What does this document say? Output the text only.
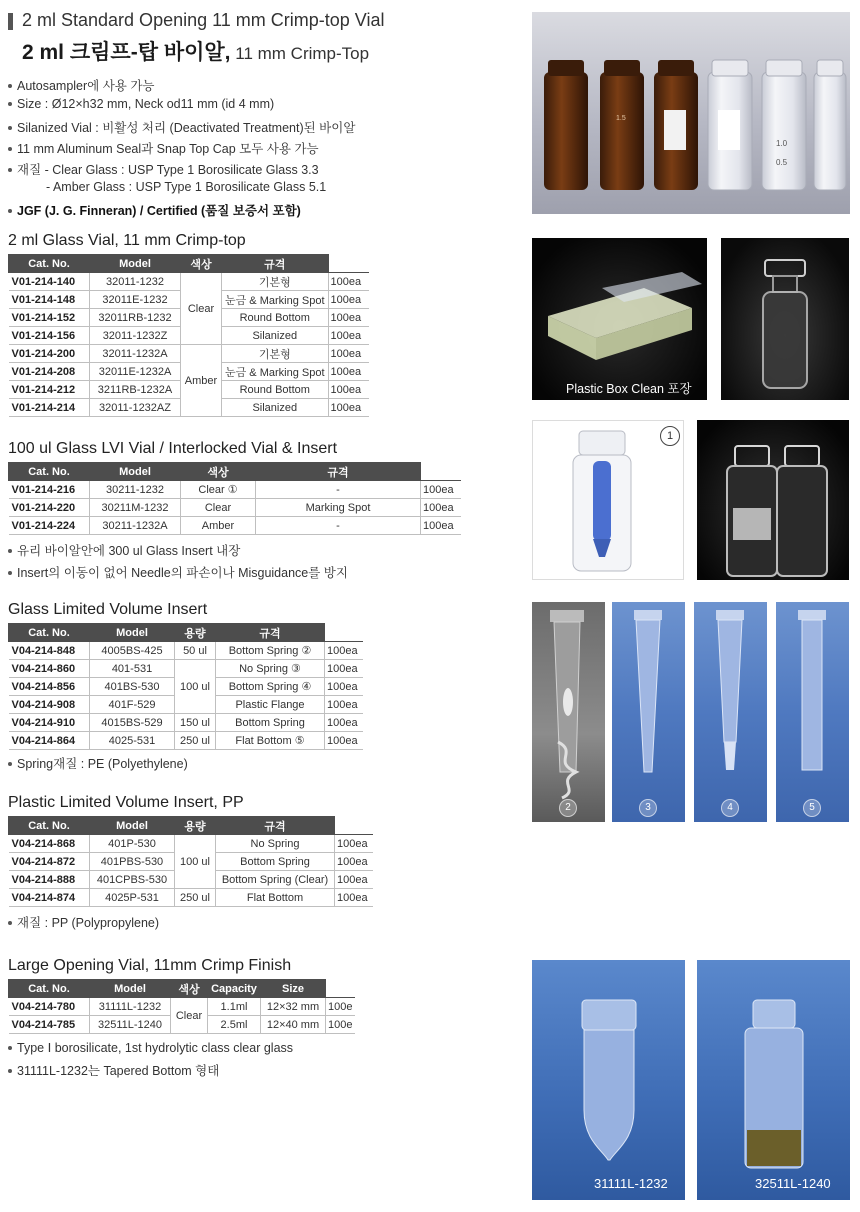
2 ml Standard Opening 11 mm Crimp-top Vial
2 ml 크림프-탑 바이알, 11 mm Crimp-Top
Autosampler에 사용 가능
Size : Ø12×h32 mm, Neck od11 mm (id 4 mm)
Silanized Vial : 비활성 처리 (Deactivated Treatment)된 바이알
11 mm Aluminum Seal과 Snap Top Cap 모두 사용 가능
재질 - Clear Glass : USP Type 1 Borosilicate Glass 3.3
- Amber Glass : USP Type 1 Borosilicate Glass 5.1
JGF (J. G. Finneran) / Certified (품질 보증서 포함)
2 ml Glass Vial, 11 mm Crimp-top
Cat. No.	Model	색상	규격	
V01-214-140	32011-1232	Clear	기본형	100ea
V01-214-148	32011E-1232		눈금 & Marking Spot	100ea
V01-214-152	32011RB-1232		Round Bottom	100ea
V01-214-156	32011-1232Z		Silanized	100ea
V01-214-200	32011-1232A	Amber	기본형	100ea
V01-214-208	32011E-1232A		눈금 & Marking Spot	100ea
V01-214-212	3211RB-1232A		Round Bottom	100ea
V01-214-214	32011-1232AZ		Silanized	100ea
100 ul Glass LVI Vial / Interlocked Vial & Insert
Cat. No.	Model	색상	규격	
V01-214-216	30211-1232	Clear ①	-	100ea
V01-214-220	30211M-1232	Clear	Marking Spot	100ea
V01-214-224	30211-1232A	Amber	-	100ea
유리 바이알안에 300 ul Glass Insert 내장
Insert의 이동이 없어 Needle의 파손이나 Misguidance를 방지
Glass Limited Volume Insert
Cat. No.	Model	용량	규격	
V04-214-848	4005BS-425	50 ul	Bottom Spring ②	100ea
V04-214-860	401-531	100 ul	No Spring ③	100ea
V04-214-856	401BS-530		Bottom Spring ④	100ea
V04-214-908	401F-529		Plastic Flange	100ea
V04-214-910	4015BS-529	150 ul	Bottom Spring	100ea
V04-214-864	4025-531	250 ul	Flat Bottom ⑤	100ea
Spring재질 : PE (Polyethylene)
Plastic Limited Volume Insert, PP
Cat. No.	Model	용량	규격	
V04-214-868	401P-530	100 ul	No Spring	100ea
V04-214-872	401PBS-530		Bottom Spring	100ea
V04-214-888	401CPBS-530		Bottom Spring (Clear)	100ea
V04-214-874	4025P-531	250 ul	Flat Bottom	100ea
재질 : PP (Polypropylene)
Large Opening Vial, 11mm Crimp Finish
Cat. No.	Model	색상	Capacity	Size	
V04-214-780	31111L-1232	Clear	1.1ml	12×32 mm	100e
V04-214-785	32511L-1240		2.5ml	12×40 mm	100e
Type Ⅰ borosilicate, 1st hydrolytic class clear glass
31111L-1232는 Tapered Bottom 형태
1.5
1.0
0.5
Plastic Box Clean 포장
1
2	3	4	5
31111L-1232	32511L-1240
